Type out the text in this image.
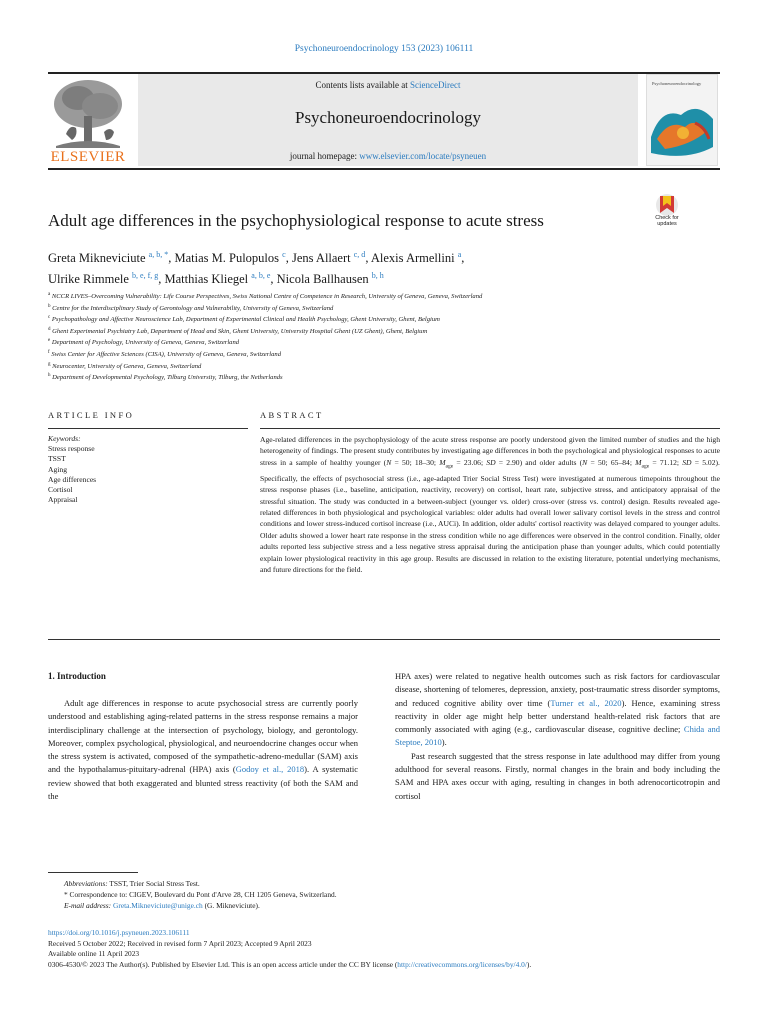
Psychoneuroendocrinology 153 (2023) 106111
ELSEVIER
Contents lists available at ScienceDirect
Psychoneuroendocrinology
journal homepage: www.elsevier.com/locate/psyneuen
Psychoneuroendocrinology
Adult age differences in the psychophysiological response to acute stress	Check for
updates
Greta Mikneviciute $^{a, b, *}$, Matias M. Pulopulos $^c$, Jens Allaert $^{c, d}$, Alexis Armellini $^a$,
Ulrike Rimmele $^{b, e, f, g}$, Matthias Kliegel $^{a, b, e}$, Nicola Ballhausen $^{b, h}$
$^a$ NCCR LIVES–Overcoming Vulnerability: Life Course Perspectives, Swiss National Centre of Competence in Research, University of Geneva, Geneva, Switzerland
$^b$ Centre for the Interdisciplinary Study of Gerontology and Vulnerability, University of Geneva, Switzerland
$^c$ Psychopathology and Affective Neuroscience Lab, Department of Experimental Clinical and Health Psychology, Ghent University, Ghent, Belgium
$^d$ Ghent Experimental Psychiatry Lab, Department of Head and Skin, Ghent University, University Hospital Ghent (UZ Ghent), Ghent, Belgium
$^e$ Department of Psychology, University of Geneva, Geneva, Switzerland
$^f$ Swiss Center for Affective Sciences (CISA), University of Geneva, Geneva, Switzerland
$^g$ Neurocenter, University of Geneva, Geneva, Switzerland
$^h$ Department of Developmental Psychology, Tilburg University, Tilburg, the Netherlands
ARTICLE INFO	ABSTRACT
Keywords:
Stress response
TSST
Aging
Age differences
Cortisol
Appraisal
Age-related differences in the psychophysiology of the acute stress response are poorly understood given the limited number of studies and the high heterogeneity of findings. The present study contributes by investigating age differences in both the psychological and physiological responses to acute stress in a sample of healthy younger (N = 50; 18–30; $M_{age} = 23.06$; SD = 2.90) and older adults (N = 50; 65–84; $M_{age} = 71.12$; SD = 5.02). Specifically, the effects of psychosocial stress (i.e., age-adapted Trier Social Stress Test) were investigated at numerous timepoints throughout the stress response phases (i.e., baseline, anticipation, reactivity, recovery) on cortisol, heart rate, subjective stress, and anticipatory appraisal of the stressful situation. The study was conducted in a between-subject (younger vs. older) cross-over (stress vs. control) design. Results revealed age-related differences in both physiological and psychological variables: older adults had overall lower salivary cortisol levels in the stress and control conditions and lower stress-induced cortisol increase (i.e., AUCi). In addition, older adults' cortisol reactivity was delayed compared to younger adults. Older adults showed a lower heart rate response in the stress condition while no age differences were observed in the control condition. Finally, older adults reported less subjective stress and a less negative stress appraisal during the anticipation phase than younger adults, which could potentially explain lower physiological reactivity in this age group. Results are discussed in relation to the existing literature, potential underlying mechanisms, and future directions for the field.
1. Introduction
Adult age differences in response to acute psychosocial stress are currently poorly understood and establishing aging-related patterns in the stress response remains a major interdisciplinary challenge at the intersection of psychology, biology, and gerontology. Moreover, complex psychological, physiological, and neuroendocrine changes occur when the stress system is activated, composed of the sympathetic-adreno-medullar (SAM) axis and the hypothalamus-pituitary-adrenal (HPA) axis (Godoy et al., 2018). A systematic review showed that both exaggerated and blunted stress reactivity (of both the SAM and the
HPA axes) were related to negative health outcomes such as risk factors for cardiovascular disease, shortening of telomeres, depression, anxiety, post-traumatic stress disorder symptoms, and reduced cognitive ability over time (Turner et al., 2020). Hence, examining stress reactivity in older age might help better understand health-related risk factors that are commonly associated with aging (e.g., cardiovascular disease, cognitive decline; Chida and Steptoe, 2010).
Past research suggested that the stress response in late adulthood may differ from young adulthood for several reasons. Firstly, normal changes in the brain and body including the SAM and HPA axes occur with aging, resulting in changes in both adrenocorticotropin and cortisol
Abbreviations: TSST, Trier Social Stress Test.
* Correspondence to: CIGEV, Boulevard du Pont d'Arve 28, CH 1205 Geneva, Switzerland.
E-mail address: Greta.Mikneviciute@unige.ch (G. Mikneviciute).
https://doi.org/10.1016/j.psyneuen.2023.106111
Received 5 October 2022; Received in revised form 7 April 2023; Accepted 9 April 2023
Available online 11 April 2023
0306-4530/© 2023 The Author(s). Published by Elsevier Ltd. This is an open access article under the CC BY license (http://creativecommons.org/licenses/by/4.0/).
